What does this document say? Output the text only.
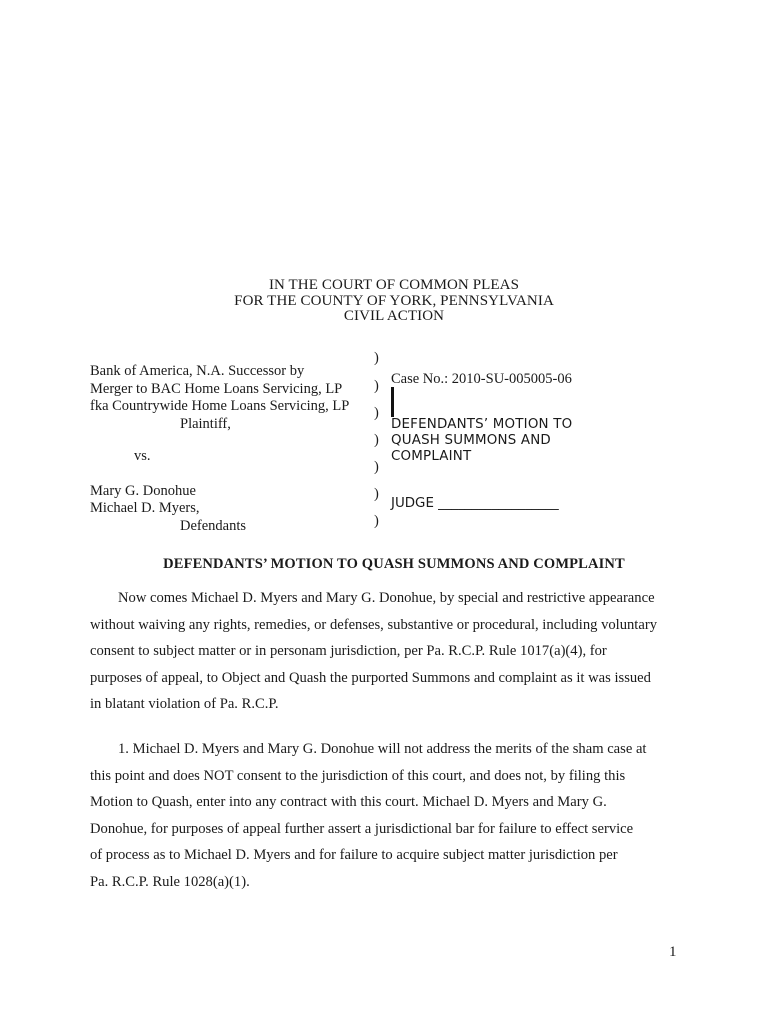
IN THE COURT OF COMMON PLEAS
FOR THE COUNTY OF YORK, PENNSYLVANIA
CIVIL ACTION
Bank of America, N.A. Successor by
Merger to BAC Home Loans Servicing, LP
fka Countrywide Home Loans Servicing, LP
Plaintiff,
vs.
Mary G. Donohue
Michael D. Myers,
Defendants
)
)
)
)
)
)
)
Case No.: 2010-SU-005005-06
DEFENDANTS’ MOTION TO
QUASH SUMMONS AND
COMPLAINT
JUDGE __________________
DEFENDANTS’ MOTION TO QUASH SUMMONS AND COMPLAINT
Now comes Michael D. Myers and Mary G. Donohue, by special and restrictive appearance
without waiving any rights, remedies, or defenses, substantive or procedural, including voluntary
consent to subject matter or in personam jurisdiction, per Pa. R.C.P. Rule 1017(a)(4), for
purposes of appeal, to Object and Quash the purported Summons and complaint as it was issued
in blatant violation of Pa. R.C.P.
1. Michael D. Myers and Mary G. Donohue will not address the merits of the sham case at
this point and does NOT consent to the jurisdiction of this court, and does not, by filing this
Motion to Quash, enter into any contract with this court. Michael D. Myers and Mary G.
Donohue, for purposes of appeal further assert a jurisdictional bar for failure to effect service
of process as to Michael D. Myers and for failure to acquire subject matter jurisdiction per
Pa. R.C.P. Rule 1028(a)(1).
1
